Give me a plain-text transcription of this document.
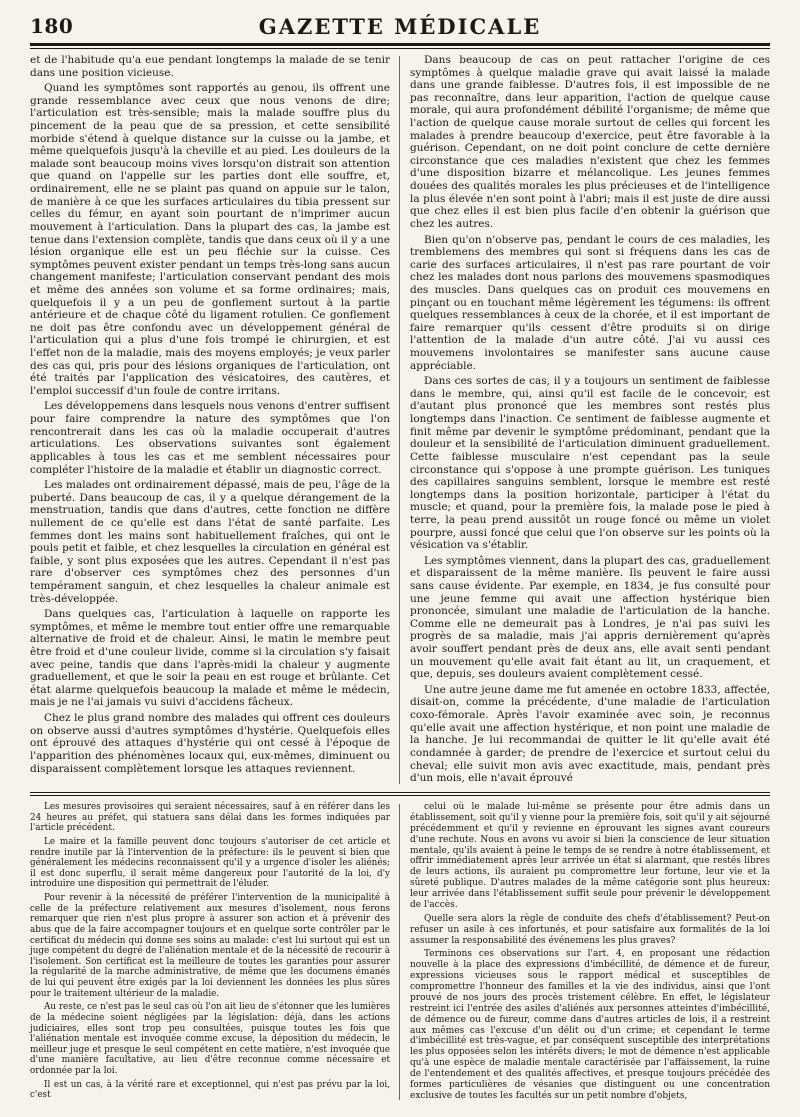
180	GAZETTE MÉDICALE

et de l'habitude qu'a eue pendant longtemps la malade de se tenir dans une position vicieuse.

Quand les symptômes sont rapportés au genou, ils offrent une grande ressemblance avec ceux que nous venons de dire; l'articulation est très-sensible; mais la malade souffre plus du pincement de la peau que de sa pression, et cette sensibilité morbide s'étend à quelque distance sur la cuisse ou la jambe, et même quelquefois jusqu'à la cheville et au pied. Les douleurs de la malade sont beaucoup moins vives lorsqu'on distrait son attention que quand on l'appelle sur les parties dont elle souffre, et, ordinairement, elle ne se plaint pas quand on appuie sur le talon, de manière à ce que les surfaces articulaires du tibia pressent sur celles du fémur, en ayant soin pourtant de n'imprimer aucun mouvement à l'articulation. Dans la plupart des cas, la jambe est tenue dans l'extension complète, tandis que dans ceux où il y a une lésion organique elle est un peu fléchie sur la cuisse. Ces symptômes peuvent exister pendant un temps très-long sans aucun changement manifeste; l'articulation conservant pendant des mois et même des années son volume et sa forme ordinaires; mais, quelquefois il y a un peu de gonflement surtout à la partie antérieure et de chaque côté du ligament rotulien. Ce gonflement ne doit pas être confondu avec un développement général de l'articulation qui a plus d'une fois trompé le chirurgien, et est l'effet non de la maladie, mais des moyens employés; je veux parler des cas qui, pris pour des lésions organiques de l'articulation, ont été traités par l'application des vésicatoires, des cautères, et l'emploi successif d'un foule de contre irritans.

Les développemens dans lesquels nous venons d'entrer suffisent pour faire comprendre la nature des symptômes que l'on rencontrerait dans les cas où la maladie occuperait d'autres articulations. Les observations suivantes sont également applicables à tous les cas et me semblent nécessaires pour compléter l'histoire de la maladie et établir un diagnostic correct.

Les malades ont ordinairement dépassé, mais de peu, l'âge de la puberté. Dans beaucoup de cas, il y a quelque dérangement de la menstruation, tandis que dans d'autres, cette fonction ne diffère nullement de ce qu'elle est dans l'état de santé parfaite. Les femmes dont les mains sont habituellement fraîches, qui ont le pouls petit et faible, et chez lesquelles la circulation en général est faible, y sont plus exposées que les autres. Cependant il n'est pas rare d'observer ces symptômes chez des personnes d'un tempérament sanguin, et chez lesquelles la chaleur animale est très-développée.

Dans quelques cas, l'articulation à laquelle on rapporte les symptômes, et même le membre tout entier offre une remarquable alternative de froid et de chaleur. Ainsi, le matin le membre peut être froid et d'une couleur livide, comme si la circulation s'y faisait avec peine, tandis que dans l'après-midi la chaleur y augmente graduellement, et que le soir la peau en est rouge et brûlante. Cet état alarme quelquefois beaucoup la malade et même le médecin, mais je ne l'ai jamais vu suivi d'accidens fâcheux.

Chez le plus grand nombre des malades qui offrent ces douleurs on observe aussi d'autres symptômes d'hystérie. Quelquefois elles ont éprouvé des attaques d'hystérie qui ont cessé à l'époque de l'apparition des phénomènes locaux qui, eux-mêmes, diminuent ou disparaissent complètement lorsque les attaques reviennent.

Dans beaucoup de cas on peut rattacher l'origine de ces symptômes à quelque maladie grave qui avait laissé la malade dans une grande faiblesse. D'autres fois, il est impossible de ne pas reconnaître, dans leur apparition, l'action de quelque cause morale, qui aura profondément débilité l'organisme; de même que l'action de quelque cause morale surtout de celles qui forcent les malades à prendre beaucoup d'exercice, peut être favorable à la guérison. Cependant, on ne doit point conclure de cette dernière circonstance que ces maladies n'existent que chez les femmes d'une disposition bizarre et mélancolique. Les jeunes femmes douées des qualités morales les plus précieuses et de l'intelligence la plus élevée n'en sont point à l'abri; mais il est juste de dire aussi que chez elles il est bien plus facile d'en obtenir la guérison que chez les autres.

Bien qu'on n'observe pas, pendant le cours de ces maladies, les tremblemens des membres qui sont si fréquens dans les cas de carie des surfaces articulaires, il n'est pas rare pourtant de voir chez les malades dont nous parlons des mouvemens spasmodiques des muscles. Dans quelques cas on produit ces mouvemens en pinçant ou en touchant même légèrement les tégumens: ils offrent quelques ressemblances à ceux de la chorée, et il est important de faire remarquer qu'ils cessent d'être produits si on dirige l'attention de la malade d'un autre côté. J'ai vu aussi ces mouvemens involontaires se manifester sans aucune cause appréciable.

Dans ces sortes de cas, il y a toujours un sentiment de faiblesse dans le membre, qui, ainsi qu'il est facile de le concevoir, est d'autant plus prononcé que les membres sont restés plus longtemps dans l'inaction. Ce sentiment de faiblesse augmente et finit même par devenir le symptôme prédominant, pendant que la douleur et la sensibilité de l'articulation diminuent graduellement. Cette faiblesse musculaire n'est cependant pas la seule circonstance qui s'oppose à une prompte guérison. Les tuniques des capillaires sanguins semblent, lorsque le membre est resté longtemps dans la position horizontale, participer à l'état du muscle; et quand, pour la première fois, la malade pose le pied à terre, la peau prend aussitôt un rouge foncé ou même un violet pourpre, aussi foncé que celui que l'on observe sur les points où la vésication va s'établir.

Les symptômes viennent, dans la plupart des cas, graduellement et disparaissent de la même manière. Ils peuvent le faire aussi sans cause évidente. Par exemple, en 1834, je fus consulté pour une jeune femme qui avait une affection hystérique bien prononcée, simulant une maladie de l'articulation de la hanche. Comme elle ne demeurait pas à Londres, je n'ai pas suivi les progrès de sa maladie, mais j'ai appris dernièrement qu'après avoir souffert pendant près de deux ans, elle avait senti pendant un mouvement qu'elle avait fait étant au lit, un craquement, et que, depuis, ses douleurs avaient complètement cessé.

Une autre jeune dame me fut amenée en octobre 1833, affectée, disait-on, comme la précédente, d'une maladie de l'articulation coxo-fémorale. Après l'avoir examinée avec soin, je reconnus qu'elle avait une affection hystérique, et non point une maladie de la hanche. Je lui recommandai de quitter le lit qu'elle avait été condamnée à garder; de prendre de l'exercice et surtout celui du cheval; elle suivit mon avis avec exactitude, mais, pendant près d'un mois, elle n'avait éprouvé

Les mesures provisoires qui seraient nécessaires, sauf à en référer dans les 24 heures au préfet, qui statuera sans délai dans les formes indiquées par l'article précédent.

Le maire et la famille peuvent donc toujours s'autoriser de cet article et rendre inutile par là l'intervention de la préfecture: ils le peuvent si bien que généralement les médecins reconnaissent qu'il y a urgence d'isoler les aliénés; il est donc superflu, il serait même dangereux pour l'autorité de la loi, d'y introduire une disposition qui permettrait de l'éluder.

Pour revenir à la nécessité de préférer l'intervention de la municipalité à celle de la préfecture relativement aux mesures d'isolement, nous ferons remarquer que rien n'est plus propre à assurer son action et à prévenir des abus que de la faire accompagner toujours et en quelque sorte contrôler par le certificat du médecin qui donne ses soins au malade: c'est lui surtout qui est un juge compétent du degré de l'aliénation mentale et de la nécessité de recourir à l'isolement. Son certificat est la meilleure de toutes les garanties pour assurer la régularité de la marche administrative, de même que les documens émanés de lui qui peuvent être exigés par la loi deviennent les données les plus sûres pour le traitement ultérieur de la maladie.

Au reste, ce n'est pas le seul cas où l'on ait lieu de s'étonner que les lumières de la médecine soient négligées par la législation: déjà, dans les actions judiciaires, elles sont trop peu consultées, puisque toutes les fois que l'aliénation mentale est invoquée comme excuse, la déposition du médecin, le meilleur juge et presque le seul compétent en cette matière, n'est invoquée que d'une manière facultative, au lieu d'être reconnue comme nécessaire et ordonnée par la loi.

Il est un cas, à la vérité rare et exceptionnel, qui n'est pas prévu par la loi, c'est

celui où le malade lui-même se présente pour être admis dans un établissement, soit qu'il y vienne pour la première fois, soit qu'il y ait séjourné précédemment et qu'il y revienne en éprouvant les signes avant coureurs d'une rechute. Nous en avons vu avoir si bien la conscience de leur situation mentale, qu'ils avaient à peine le temps de se rendre à notre établissement, et offrir immédiatement après leur arrivée un état si alarmant, que restés libres de leurs actions, ils auraient pu compromettre leur fortune, leur vie et la sûreté publique. D'autres malades de la même catégorie sont plus heureux: leur arrivée dans l'établissement suffit seule pour prévenir le développement de l'accès.

Quelle sera alors la règle de conduite des chefs d'établissement? Peut-on refuser un asile à ces infortunés, et pour satisfaire aux formalités de la loi assumer la responsabilité des événemens les plus graves?

Terminons ces observations sur l'art. 4, en proposant une rédaction nouvelle à la place des expressions d'imbécillité, de démence et de fureur, expressions vicieuses sous le rapport médical et susceptibles de compromettre l'honneur des familles et la vie des individus, ainsi que l'ont prouvé de nos jours des procès tristement célèbre. En effet, le législateur restreint ici l'entrée des asiles d'aliénés aux personnes atteintes d'imbécillité, de démence ou de fureur, comme dans d'autres articles de lois, il a restreint aux mêmes cas l'excuse d'un délit ou d'un crime; et cependant le terme d'imbécillité est très-vague, et par conséquent susceptible des interprétations les plus opposées selon les intérêts divers; le mot de démence n'est applicable qu'à une espèce de maladie mentale caractérisée par l'affaissement, la ruine de l'entendement et des qualités affectives, et presque toujours précédée des formes particulières de vésanies que distinguent ou une concentration exclusive de toutes les facultés sur un petit nombre d'objets,
